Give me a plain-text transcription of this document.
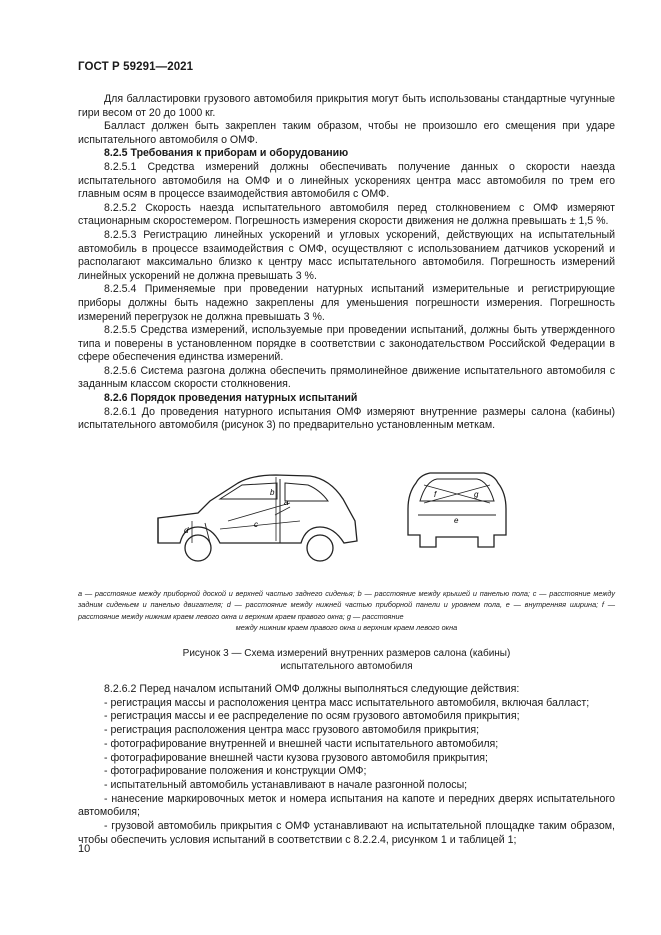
ГОСТ Р 59291—2021

Для балластировки грузового автомобиля прикрытия могут быть использованы стандартные чугунные гири весом от 20 до 1000 кг.

Балласт должен быть закреплен таким образом, чтобы не произошло его смещения при ударе испытательного автомобиля о ОМФ.

8.2.5 Требования к приборам и оборудованию

8.2.5.1 Средства измерений должны обеспечивать получение данных о скорости наезда испытательного автомобиля на ОМФ и о линейных ускорениях центра масс автомобиля по трем его главным осям в процессе взаимодействия автомобиля с ОМФ.

8.2.5.2 Скорость наезда испытательного автомобиля перед столкновением с ОМФ измеряют стационарным скоростемером. Погрешность измерения скорости движения не должна превышать ± 1,5 %.

8.2.5.3 Регистрацию линейных ускорений и угловых ускорений, действующих на испытательный автомобиль в процессе взаимодействия с ОМФ, осуществляют с использованием датчиков ускорений и располагают максимально близко к центру масс испытательного автомобиля. Погрешность измерений линейных ускорений не должна превышать 3 %.

8.2.5.4 Применяемые при проведении натурных испытаний измерительные и регистрирующие приборы должны быть надежно закреплены для уменьшения погрешности измерения. Погрешность измерений перегрузок не должна превышать 3 %.

8.2.5.5 Средства измерений, используемые при проведении испытаний, должны быть утвержденного типа и поверены в установленном порядке в соответствии с законодательством Российской Федерации в сфере обеспечения единства измерений.

8.2.5.6 Система разгона должна обеспечить прямолинейное движение испытательного автомобиля с заданным классом скорости столкновения.

8.2.6 Порядок проведения натурных испытаний

8.2.6.1 До проведения натурного испытания ОМФ измеряют внутренние размеры салона (кабины) испытательного автомобиля (рисунок 3) по предварительно установленным меткам.

a
b
c
d
e
f	g
a — расстояние между приборной доской и верхней частью заднего сиденья; b — расстояние между крышей и панелью пола; c — расстояние между задним сиденьем и панелью двигателя; d — расстояние между нижней частью приборной панели и уровнем пола, e — внутренняя ширина; f — расстояние между нижним краем левого окна и верхним краем правого окна; g — расстояние
между нижним краем правого окна и верхним краем левого окна
Рисунок 3 — Схема измерений внутренних размеров салона (кабины)
испытательного автомобиля

8.2.6.2 Перед началом испытаний ОМФ должны выполняться следующие действия:

- регистрация массы и расположения центра масс испытательного автомобиля, включая балласт;

- регистрация массы и ее распределение по осям грузового автомобиля прикрытия;

- регистрация расположения центра масс грузового автомобиля прикрытия;

- фотографирование внутренней и внешней части испытательного автомобиля;

- фотографирование внешней части кузова грузового автомобиля прикрытия;

- фотографирование положения и конструкции ОМФ;

- испытательный автомобиль устанавливают в начале разгонной полосы;

- нанесение маркировочных меток и номера испытания на капоте и передних дверях испытательного автомобиля;

- грузовой автомобиль прикрытия с ОМФ устанавливают на испытательной площадке таким образом, чтобы обеспечить условия испытаний в соответствии с 8.2.2.4, рисунком 1 и таблицей 1;

10
